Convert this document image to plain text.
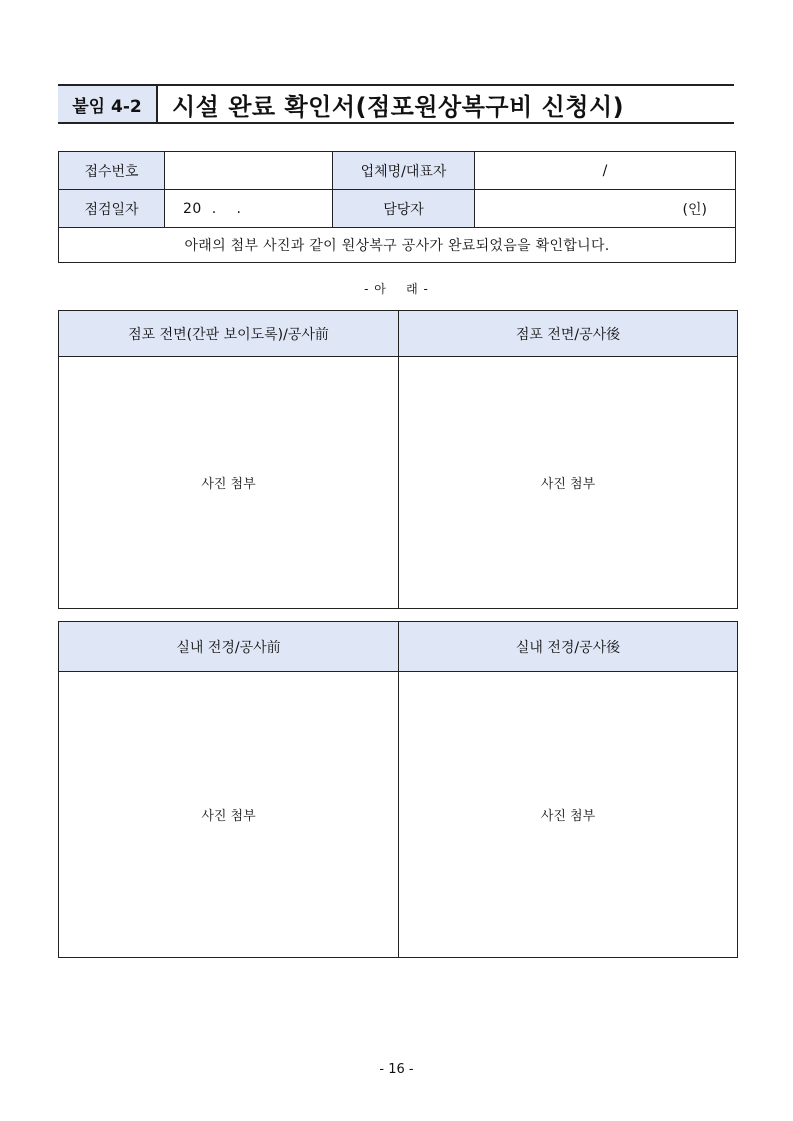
붙임 4-2	시설 완료 확인서(점포원상복구비 신청시)
접수번호		업체명/대표자	/
점검일자	20  .    .	담당자	(인)
아래의 첨부 사진과 같이 원상복구 공사가 완료되었음을 확인합니다.			
- 아    래 -
점포 전면(간판 보이도록)/공사前	점포 전면/공사後
사진 첨부	사진 첨부
실내 전경/공사前	실내 전경/공사後
사진 첨부	사진 첨부
- 16 -
